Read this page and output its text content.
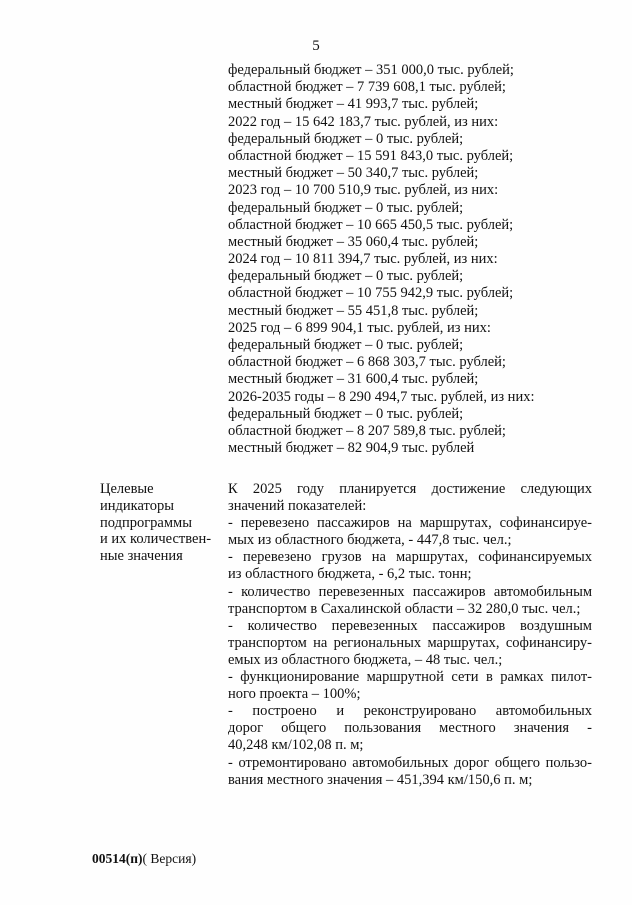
5
федеральный бюджет – 351 000,0 тыс. рублей;
областной бюджет – 7 739 608,1 тыс. рублей;
местный бюджет – 41 993,7 тыс. рублей;
2022 год – 15 642 183,7 тыс. рублей, из них:
федеральный бюджет – 0 тыс. рублей;
областной бюджет – 15 591 843,0 тыс. рублей;
местный бюджет – 50 340,7 тыс. рублей;
2023 год – 10 700 510,9 тыс. рублей, из них:
федеральный бюджет – 0 тыс. рублей;
областной бюджет – 10 665 450,5 тыс. рублей;
местный бюджет – 35 060,4 тыс. рублей;
2024 год – 10 811 394,7 тыс. рублей, из них:
федеральный бюджет – 0 тыс. рублей;
областной бюджет – 10 755 942,9 тыс. рублей;
местный бюджет – 55 451,8 тыс. рублей;
2025 год – 6 899 904,1 тыс. рублей, из них:
федеральный бюджет – 0 тыс. рублей;
областной бюджет – 6 868 303,7 тыс. рублей;
местный бюджет – 31 600,4 тыс. рублей;
2026-2035 годы – 8 290 494,7 тыс. рублей, из них:
федеральный бюджет – 0 тыс. рублей;
областной бюджет – 8 207 589,8 тыс. рублей;
местный бюджет – 82 904,9 тыс. рублей
Целевые
индикаторы
подпрограммы
и их количествен-
ные значения
К 2025 году планируется достижение следующих
значений показателей:
- перевезено пассажиров на маршрутах, софинансируе-
мых из областного бюджета, - 447,8 тыс. чел.;
- перевезено грузов на маршрутах, софинансируемых
из областного бюджета, - 6,2 тыс. тонн;
- количество перевезенных пассажиров автомобильным
транспортом в Сахалинской области – 32 280,0 тыс. чел.;
- количество перевезенных пассажиров воздушным
транспортом на региональных маршрутах, софинансиру-
емых из областного бюджета, – 48 тыс. чел.;
- функционирование маршрутной сети в рамках пилот-
ного проекта – 100%;
- построено и реконструировано автомобильных
дорог общего пользования местного значения -
40,248 км/102,08 п. м;
- отремонтировано автомобильных дорог общего пользо-
вания местного значения – 451,394 км/150,6 п. м;
00514(п)( Версия)
